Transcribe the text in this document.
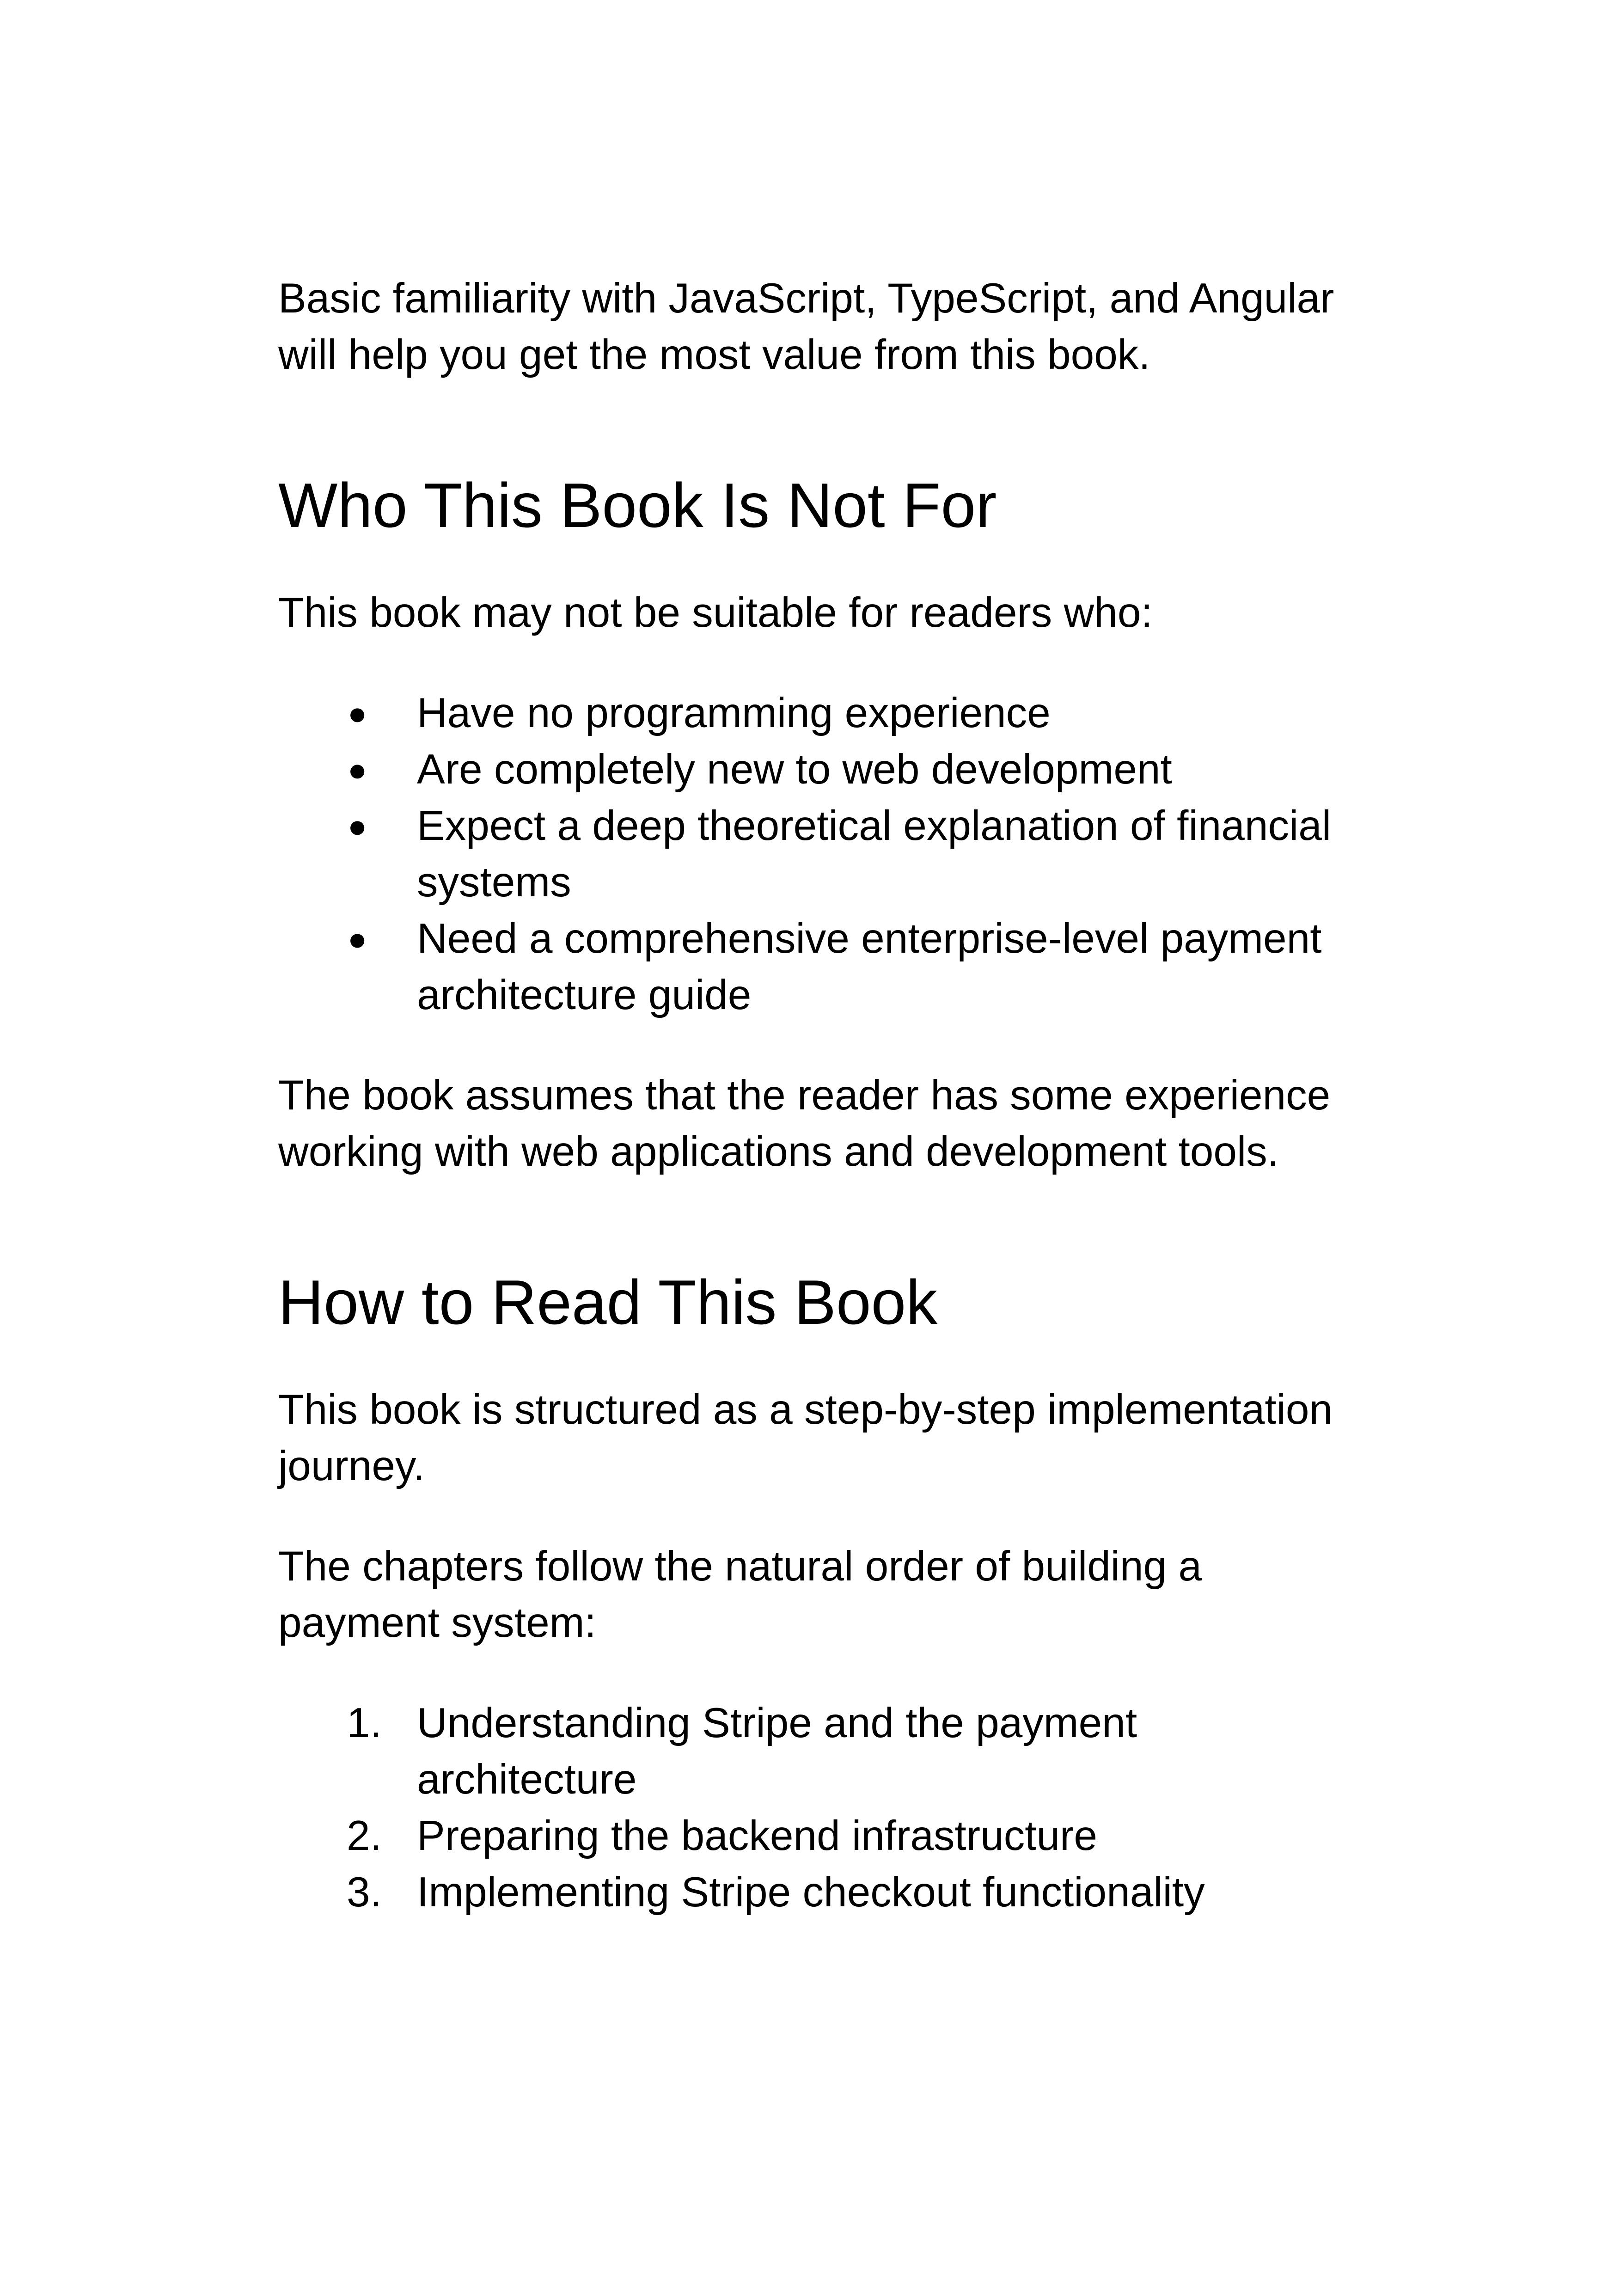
Basic familiarity with JavaScript, TypeScript, and Angular will help you get the most value from this book.

Who This Book Is Not For

This book may not be suitable for readers who:

●	Have no programming experience
●	Are completely new to web development
●	Expect a deep theoretical explanation of financial systems
●	Need a comprehensive enterprise-level payment architecture guide

The book assumes that the reader has some experience working with web applications and development tools.

How to Read This Book

This book is structured as a step-by-step implementation journey.

The chapters follow the natural order of building a payment system:

1. Understanding Stripe and the payment architecture
2. Preparing the backend infrastructure
3. Implementing Stripe checkout functionality
